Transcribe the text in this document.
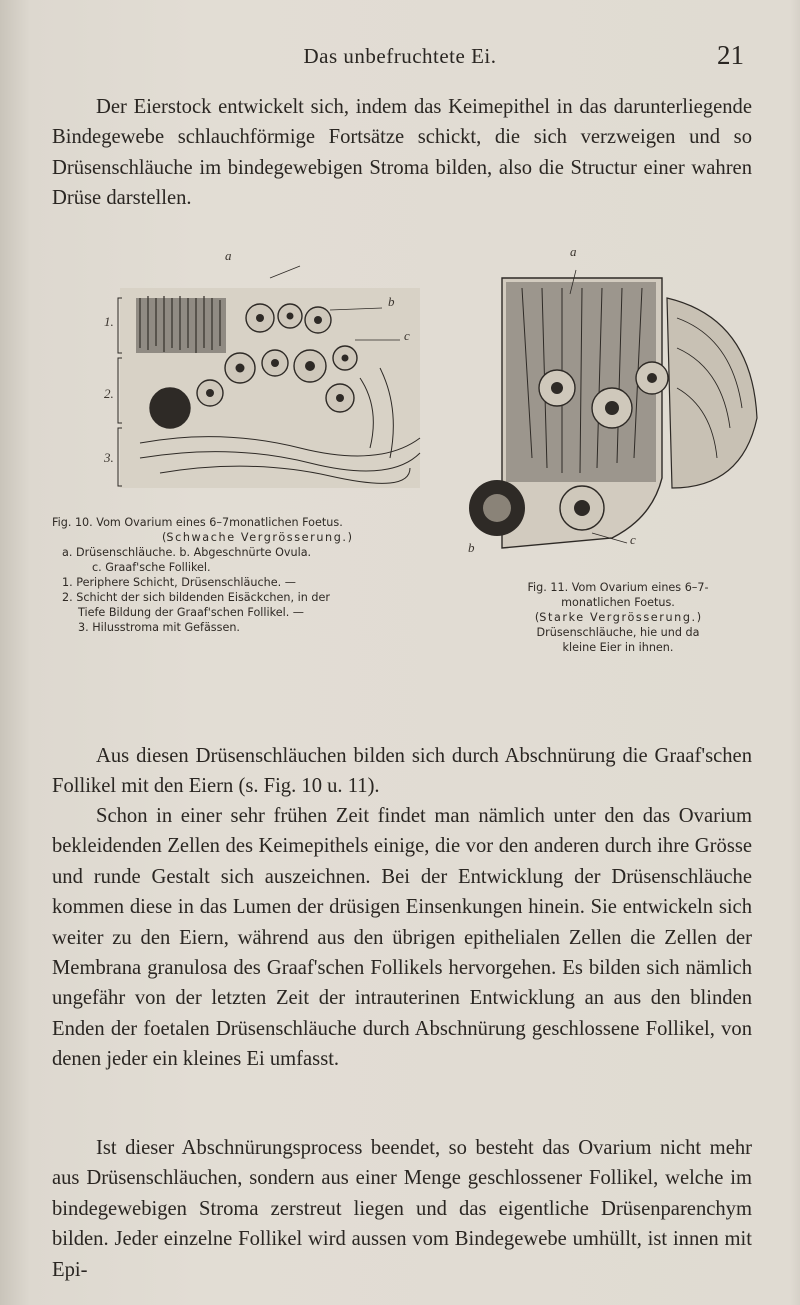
Das unbefruchtete Ei.	21

Der Eierstock entwickelt sich, indem das Keimepithel in das darunterliegende Bindegewebe schlauchförmige Fortsätze schickt, die sich verzweigen und so Drüsenschläuche im bindegewebigen Stroma bilden, also die Structur einer wahren Drüse darstellen.

a
b
c
1.
2.
3.
a
b
c
Fig. 10. Vom Ovarium eines 6–7monatlichen Foetus.
(Schwache Vergrösserung.)
a. Drüsenschläuche. b. Abgeschnürte Ovula.
c. Graaf'sche Follikel.
1. Periphere Schicht, Drüsenschläuche. —
2. Schicht der sich bildenden Eisäckchen, in der
Tiefe Bildung der Graaf'schen Follikel. —
3. Hilusstroma mit Gefässen.
Fig. 11. Vom Ovarium eines 6–7-
monatlichen Foetus.
(Starke Vergrösserung.)
Drüsenschläuche, hie und da
kleine Eier in ihnen.

Aus diesen Drüsenschläuchen bilden sich durch Abschnürung die Graaf'schen Follikel mit den Eiern (s. Fig. 10 u. 11).

Schon in einer sehr frühen Zeit findet man nämlich unter den das Ovarium bekleidenden Zellen des Keimepithels einige, die vor den anderen durch ihre Grösse und runde Gestalt sich auszeichnen. Bei der Entwicklung der Drüsenschläuche kommen diese in das Lumen der drüsigen Einsenkungen hinein. Sie entwickeln sich weiter zu den Eiern, während aus den übrigen epithelialen Zellen die Zellen der Membrana granulosa des Graaf'schen Follikels hervorgehen. Es bilden sich nämlich ungefähr von der letzten Zeit der intrauterinen Entwicklung an aus den blinden Enden der foetalen Drüsenschläuche durch Abschnürung geschlossene Follikel, von denen jeder ein kleines Ei umfasst.

Ist dieser Abschnürungsprocess beendet, so besteht das Ovarium nicht mehr aus Drüsenschläuchen, sondern aus einer Menge geschlossener Follikel, welche im bindegewebigen Stroma zerstreut liegen und das eigentliche Drüsenparenchym bilden. Jeder einzelne Follikel wird aussen vom Bindegewebe umhüllt, ist innen mit Epi-
